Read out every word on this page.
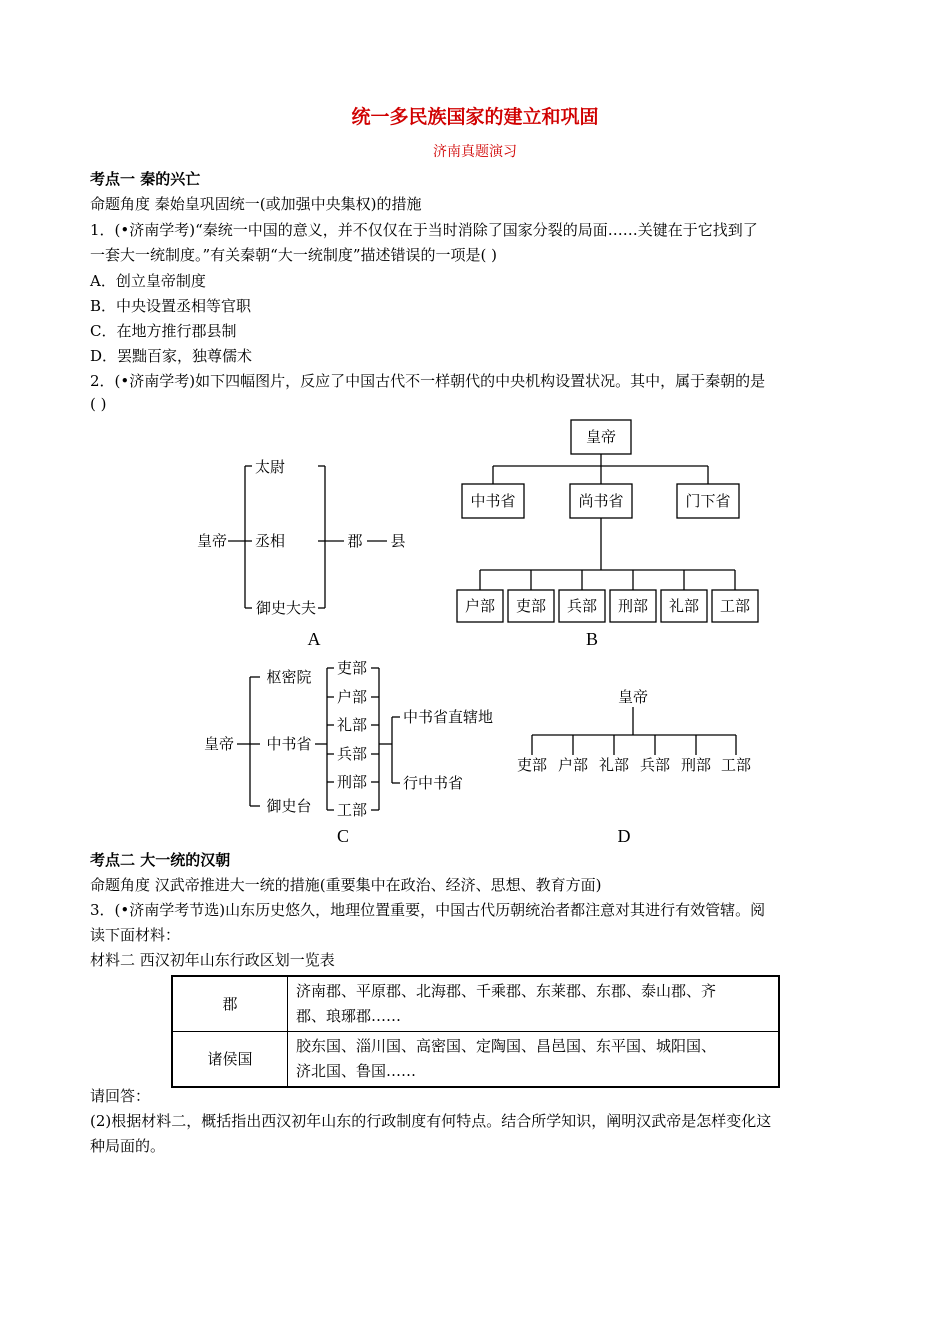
统一多民族国家的建立和巩固
济南真题演习
考点一 秦的兴亡
命题角度 秦始皇巩固统一(或加强中央集权)的措施
1．(•济南学考)“秦统一中国的意义，并不仅仅在于当时消除了国家分裂的局面……关键在于它找到了
一套大一统制度。”有关秦朝“大一统制度”描述错误的一项是( )
A．创立皇帝制度
B．中央设置丞相等官职
C．在地方推行郡县制
D．罢黜百家，独尊儒术
2．(•济南学考)如下四幅图片，反应了中国古代不一样朝代的中央机构设置状况。其中，属于秦朝的是
( )
皇帝
太尉
丞相
御史大夫
郡 县
A
皇帝
中书省	尚书省	门下省
户部 吏部 兵部 刑部 礼部 工部
B
皇帝
枢密院
中书省
御史台
吏部
户部
礼部
兵部
刑部
工部
中书省直辖地
行中书省
C
皇帝
吏部 户部 礼部 兵部 刑部 工部
D
考点二 大一统的汉朝
命题角度 汉武帝推进大一统的措施(重要集中在政治、经济、思想、教育方面)
3．(•济南学考节选)山东历史悠久，地理位置重要，中国古代历朝统治者都注意对其进行有效管辖。阅
读下面材料：
材料二 西汉初年山东行政区划一览表
郡	济南郡、平原郡、北海郡、千乘郡、东莱郡、东郡、泰山郡、齐
郡、琅琊郡……

诸侯国	胶东国、淄川国、高密国、定陶国、昌邑国、东平国、城阳国、
济北国、鲁国……
请回答：
(2)根据材料二，概括指出西汉初年山东的行政制度有何特点。结合所学知识，阐明汉武帝是怎样变化这
种局面的。
